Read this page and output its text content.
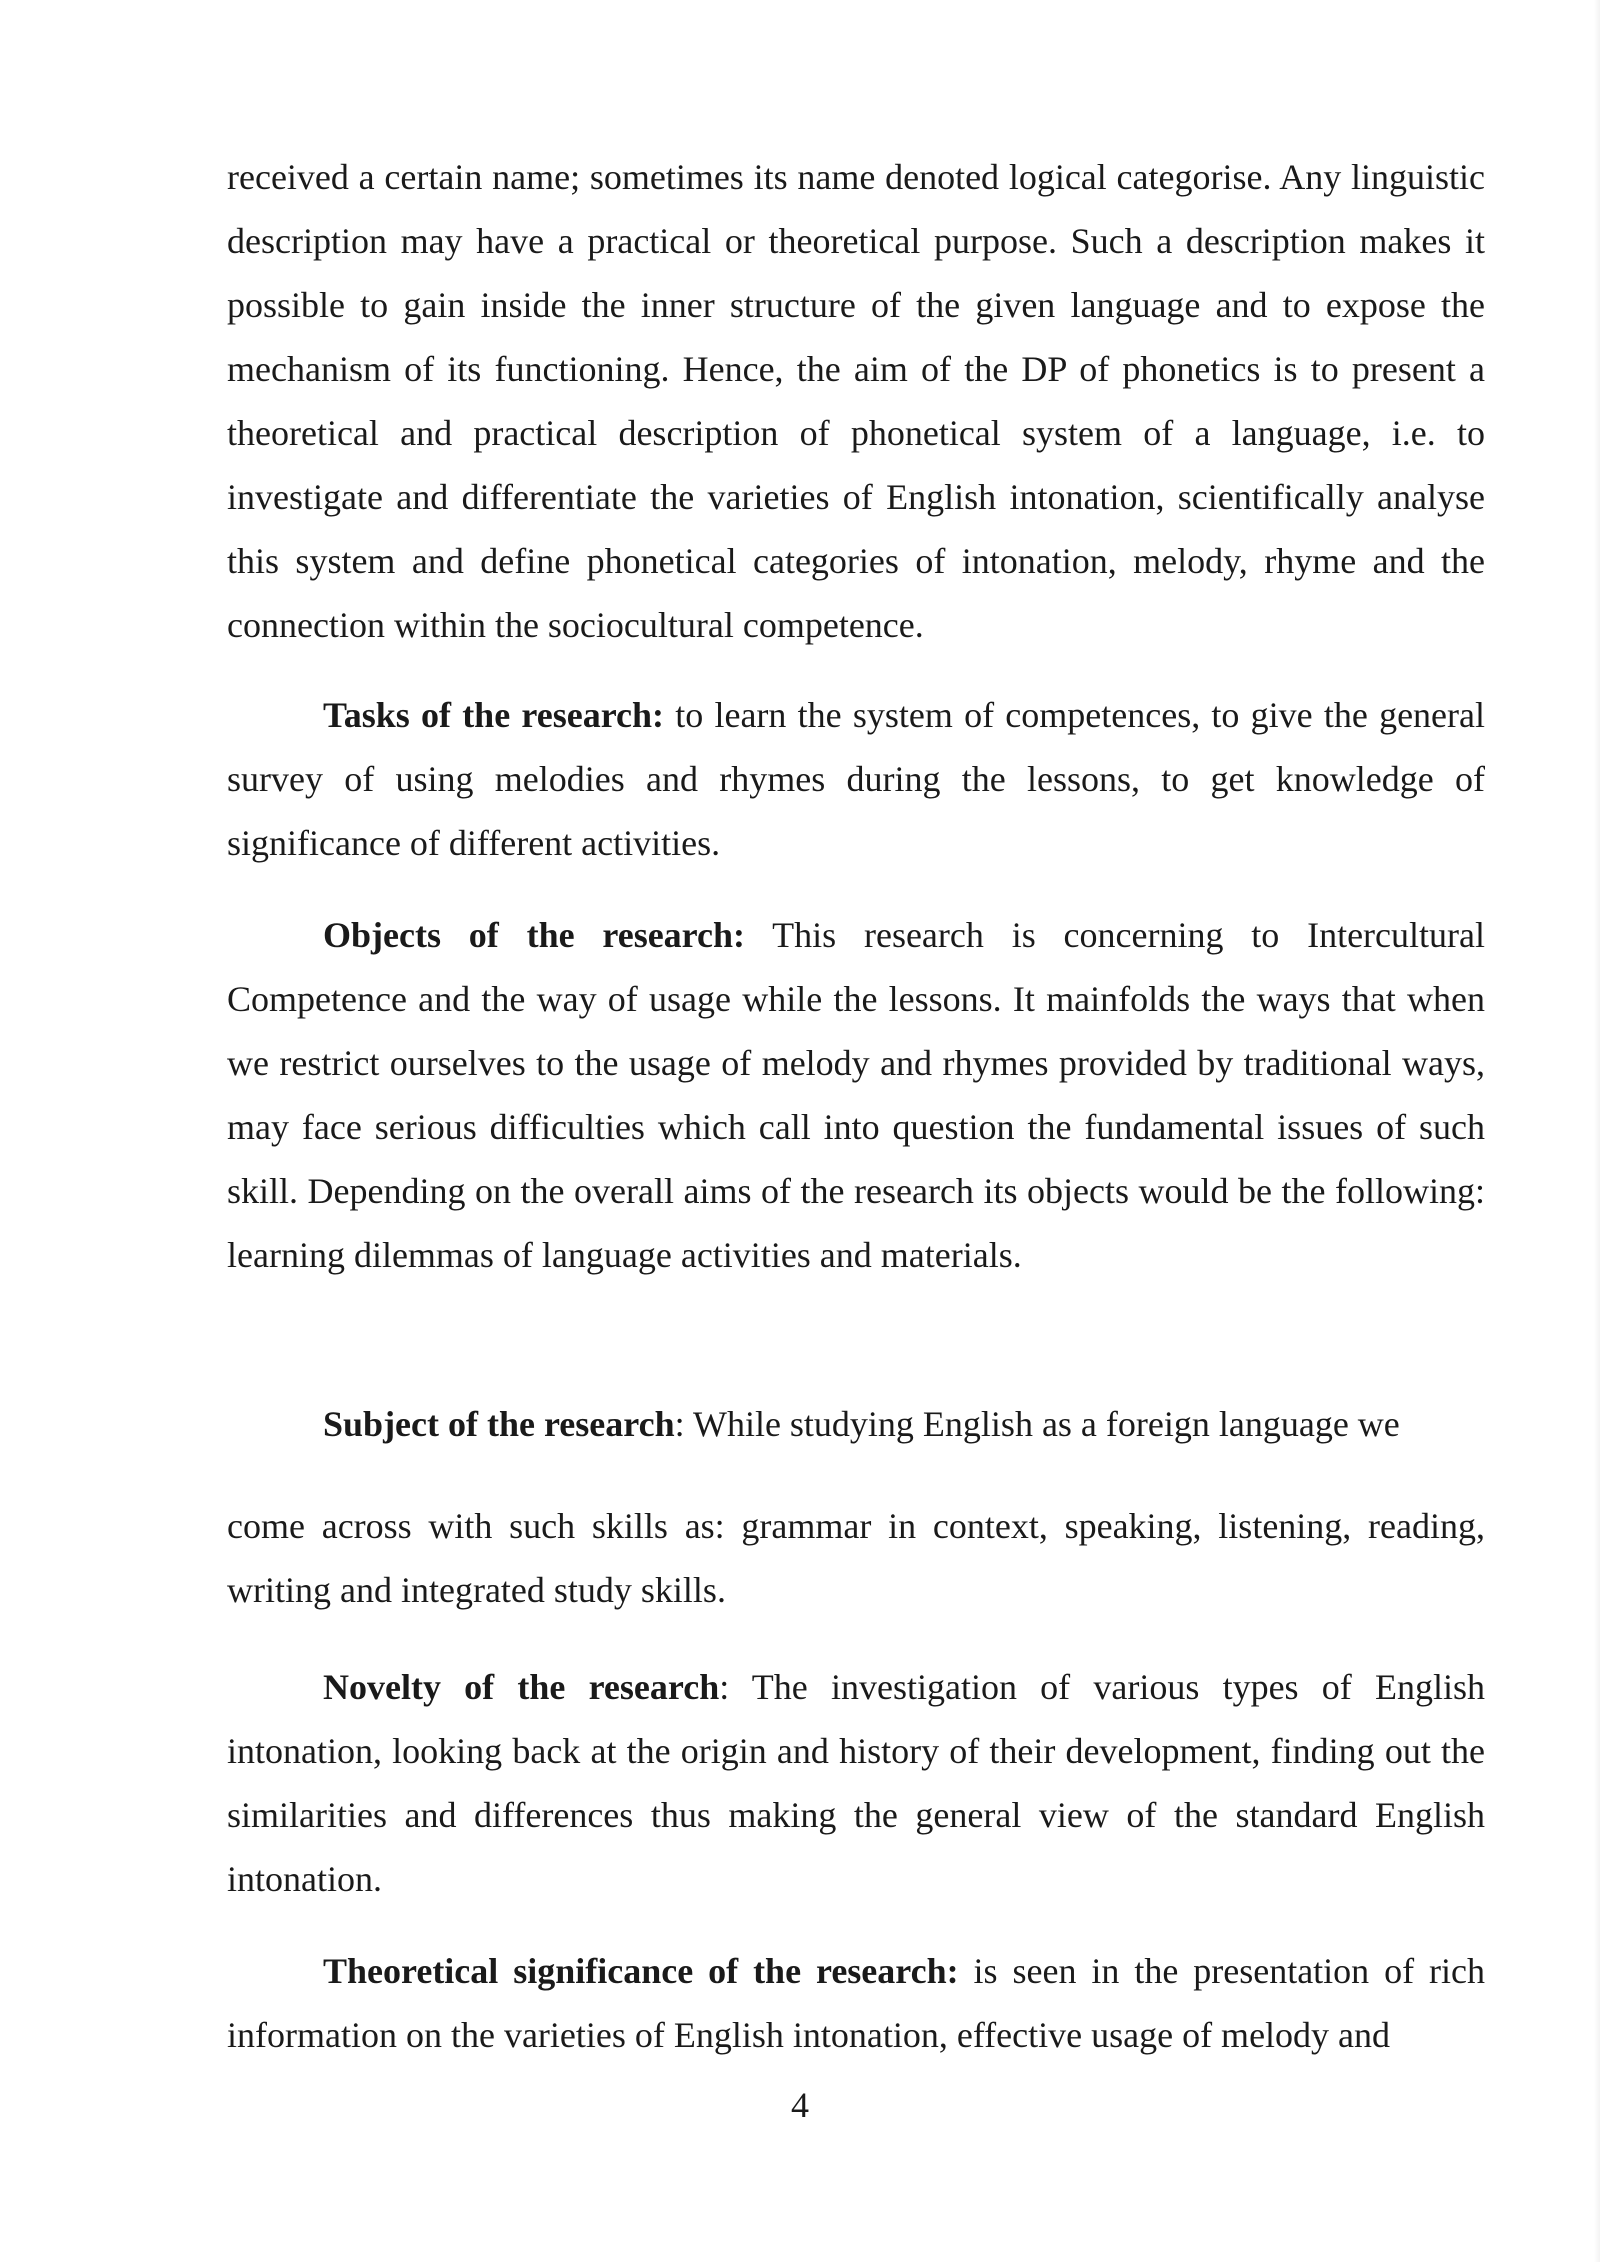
received a certain name; sometimes its name denoted logical categorise. Any linguistic description may have a practical or theoretical purpose. Such a description makes it possible to gain inside the inner structure of the given language and to expose the mechanism of its functioning. Hence, the aim of the DP of phonetics is to present a theoretical and practical description of phonetical system of a language, i.e. to investigate and differentiate the varieties of English intonation, scientifically analyse this system and define phonetical categories of intonation, melody, rhyme and the connection within the sociocultural competence.

Tasks of the research: to learn the system of competences, to give the general survey of using melodies and rhymes during the lessons, to get knowledge of significance of different activities.

Objects of the research: This research is concerning to Intercultural Competence and the way of usage while the lessons. It mainfolds the ways that when we restrict ourselves to the usage of melody and rhymes provided by traditional ways, may face serious difficulties which call into question the fundamental issues of such skill. Depending on the overall aims of the research its objects would be the following: learning dilemmas of language activities and materials.

Subject of the research: While studying English as a foreign language we

come across with such skills as: grammar in context, speaking, listening, reading, writing and integrated study skills.

Novelty of the research: The investigation of various types of English intonation, looking back at the origin and history of their development, finding out the similarities and differences thus making the general view of the standard English intonation.

Theoretical significance of the research: is seen in the presentation of rich information on the varieties of English intonation, effective usage of melody and

4
